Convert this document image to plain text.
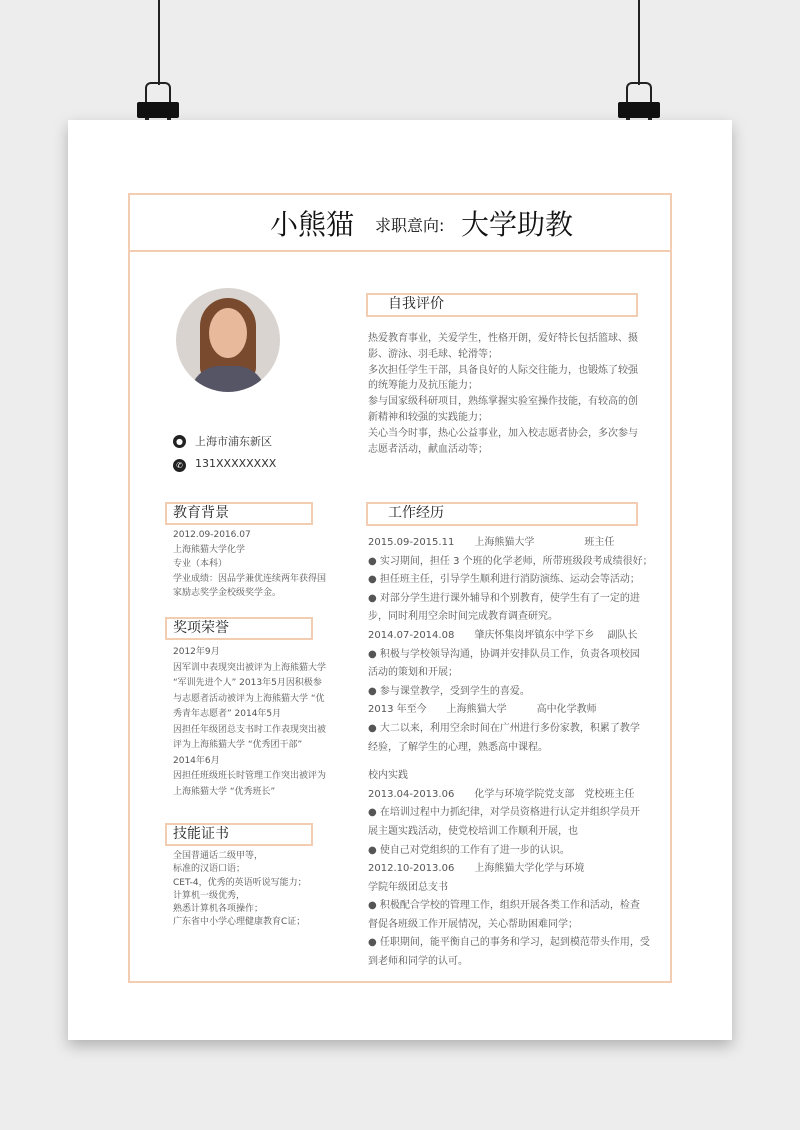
小熊猫 求职意向: 大学助教
● 上海市浦东新区
✆ 131XXXXXXXX
教育背景
2012.09-2016.07
上海熊猫大学化学
专业（本科）
学业成绩：因品学兼优连续两年获得国
家励志奖学金校级奖学金。
奖项荣誉
2012年9月
因军训中表现突出被评为上海熊猫大学
“军训先进个人” 2013年5月因积极参
与志愿者活动被评为上海熊猫大学 “优
秀青年志愿者” 2014年5月
因担任年级团总支书时工作表现突出被
评为上海熊猫大学 “优秀团干部”
2014年6月
因担任班级班长时管理工作突出被评为
上海熊猫大学 “优秀班长”
技能证书
全国普通话二级甲等，
标准的汉语口语；
CET-4，优秀的英语听说写能力；
计算机一级优秀，
熟悉计算机各项操作；
广东省中小学心理健康教育C证；
自我评价
热爱教育事业，关爱学生，性格开朗，爱好特长包括篮球、摄
影、游泳、羽毛球、轮滑等；
多次担任学生干部，具备良好的人际交往能力，也锻炼了较强
的统筹能力及抗压能力；
参与国家级科研项目，熟练掌握实验室操作技能，有较高的创
新精神和较强的实践能力；
关心当今时事，热心公益事业，加入校志愿者协会，多次参与
志愿者活动，献血活动等；
工作经历
2015.09-2015.11　　上海熊猫大学　　　　　班主任
● 实习期间，担任 3 个班的化学老师，所带班级段考成绩很好；
● 担任班主任，引导学生顺利进行消防演练、运动会等活动；
● 对部分学生进行课外辅导和个别教育，使学生有了一定的进
步，同时利用空余时间完成教育调查研究。
2014.07-2014.08　　肇庆怀集岗坪镇东中学下乡　 副队长
● 积极与学校领导沟通，协调并安排队员工作，负责各项校园
活动的策划和开展；
● 参与课堂教学，受到学生的喜爱。
2013 年至今　　上海熊猫大学　　　高中化学教师
● 大二以来，利用空余时间在广州进行多份家教，积累了教学
经验，了解学生的心理，熟悉高中课程。
校内实践
2013.04-2013.06　　化学与环境学院党支部　党校班主任
● 在培训过程中力抓纪律，对学员资格进行认定并组织学员开
展主题实践活动，使党校培训工作顺利开展，也
● 使自己对党组织的工作有了进一步的认识。
2012.10-2013.06　　上海熊猫大学化学与环境
学院年级团总支书
● 积极配合学校的管理工作，组织开展各类工作和活动，检查
督促各班级工作开展情况，关心帮助困难同学；
● 任职期间，能平衡自己的事务和学习，起到模范带头作用，受
到老师和同学的认可。
